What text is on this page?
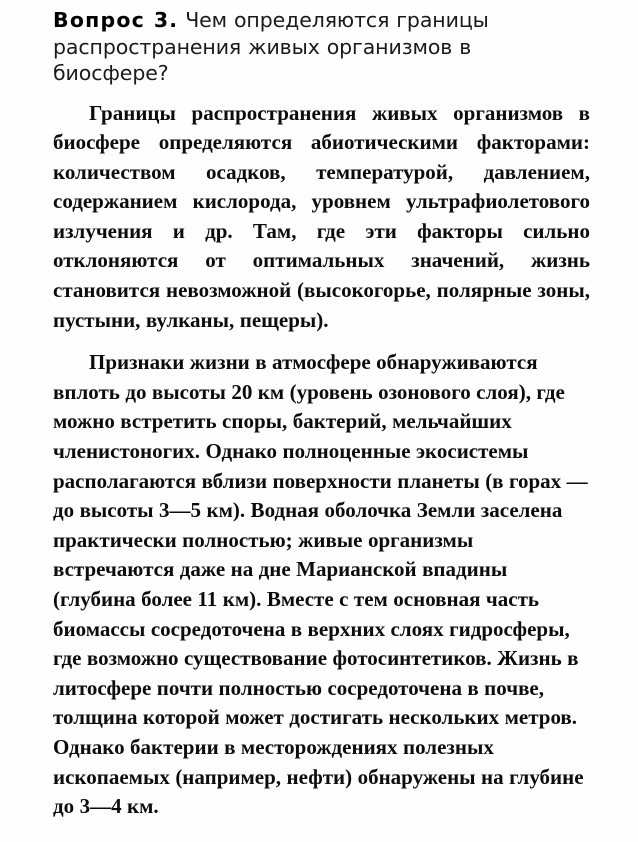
Вопрос 3. Чем определяются границы распространения живых организмов в биосфере?

Границы распространения живых организмов в биосфере определяются абиотическими факторами: количеством осадков, температурой, давлением, содержанием кислорода, уровнем ультрафиолетового излучения и др. Там, где эти факторы сильно отклоняются от оптимальных значений, жизнь становится невозможной (высокогорье, полярные зоны, пустыни, вулканы, пещеры).

Признаки жизни в атмосфере обнаруживаются вплоть до высоты 20 км (уровень озонового слоя), где можно встретить споры, бактерий, мельчайших членистоногих. Однако полноценные экосистемы располагаются вблизи поверхности планеты (в горах — до высоты 3—5 км). Водная оболочка Земли заселена практически полностью; живые организмы встречаются даже на дне Марианской впадины (глубина более 11 км). Вместе с тем основная часть биомассы сосредоточена в верхних слоях гидросферы, где возможно существование фотосинтетиков. Жизнь в литосфере почти полностью сосредоточена в почве, толщина которой может достигать нескольких метров. Однако бактерии в месторождениях полезных ископаемых (например, нефти) обнаружены на глубине до 3—4 км.
